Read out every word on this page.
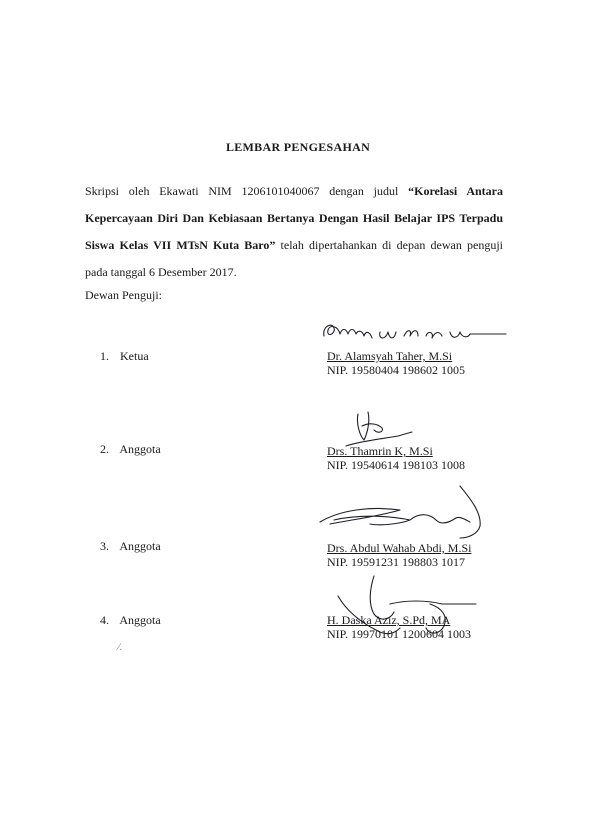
LEMBAR PENGESAHAN
Skripsi oleh Ekawati NIM 1206101040067 dengan judul “Korelasi Antara Kepercayaan Diri Dan Kebiasaan Bertanya Dengan Hasil Belajar IPS Terpadu Siswa Kelas VII MTsN Kuta Baro” telah dipertahankan di depan dewan penguji pada tanggal 6 Desember 2017.
Dewan Penguji:
1. Ketua	Dr. Alamsyah Taher, M.Si
NIP. 19580404 198602 1005
2. Anggota	Drs. Thamrin K, M.Si
NIP. 19540614 198103 1008
3. Anggota	Drs. Abdul Wahab Abdi, M.Si
NIP. 19591231 198803 1017
4. Anggota	H. Daska Aziz, S.Pd, MA
NIP. 19970101 1200604 1003
⁄.
